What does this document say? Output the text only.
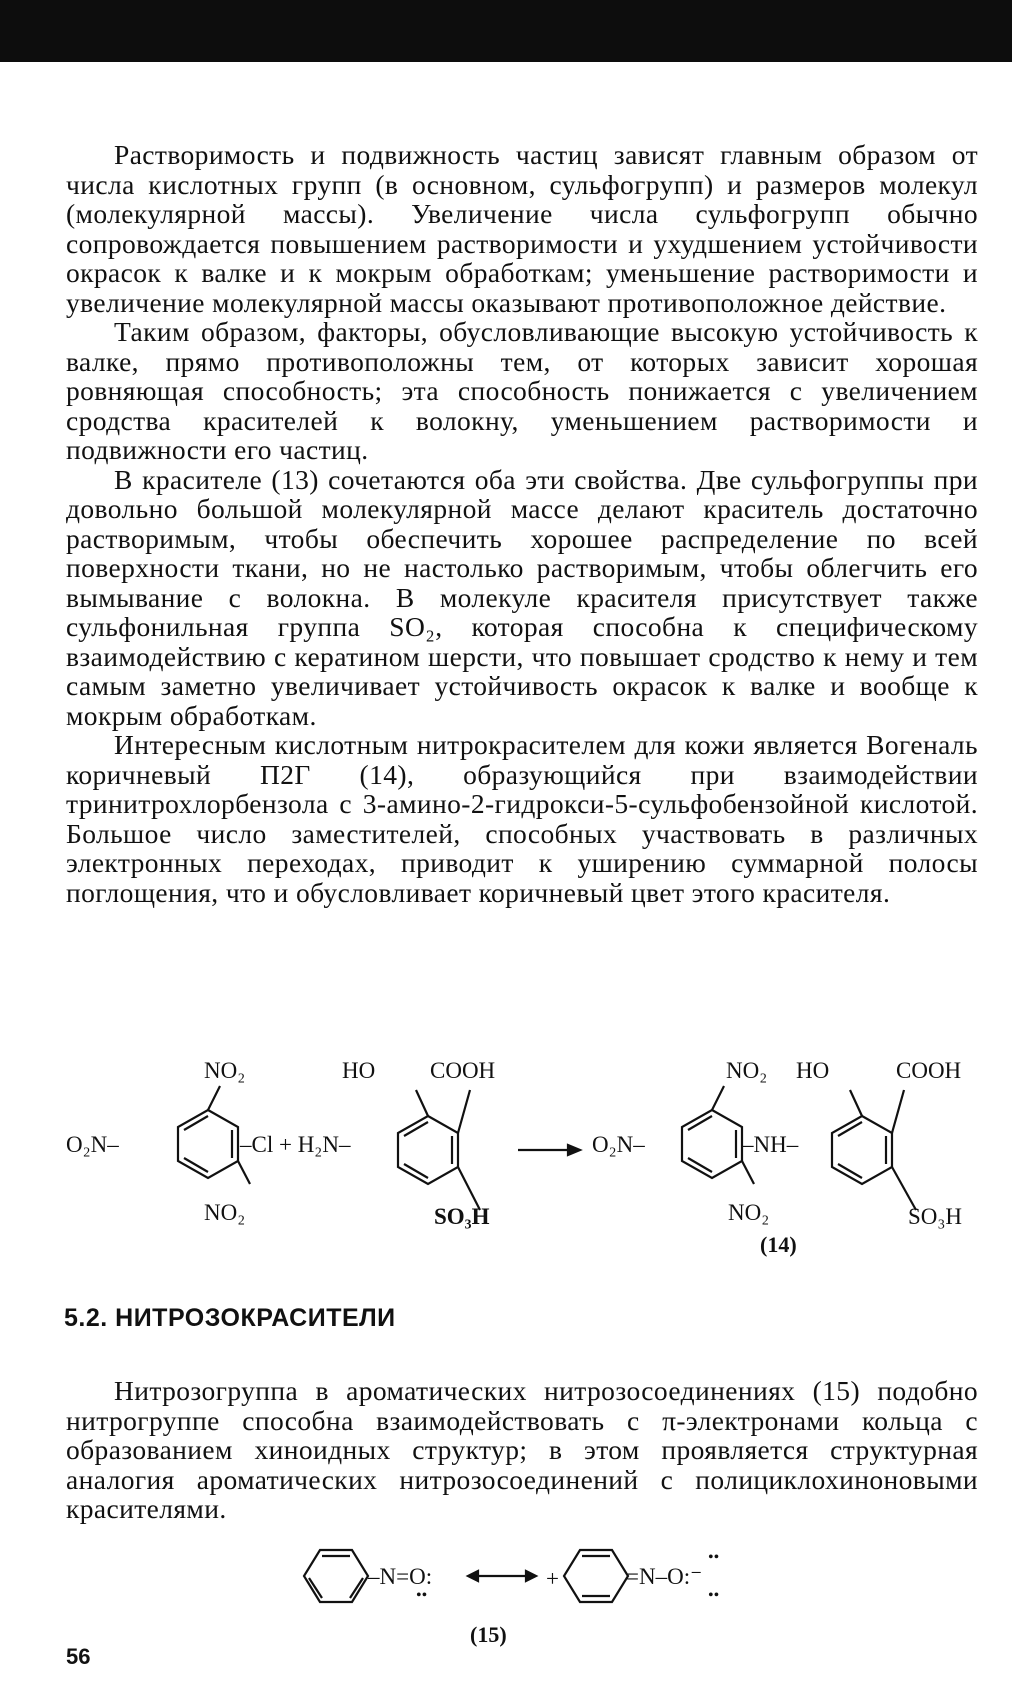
Растворимость и подвижность частиц зависят главным образом от числа кислотных групп (в основном, сульфогрупп) и размеров молекул (молекулярной массы). Увеличение числа сульфогрупп обычно сопровождается повышением растворимости и ухудшением устойчивости окрасок к валке и к мокрым обработкам; уменьшение растворимости и увеличение молекулярной массы оказывают противоположное действие.

Таким образом, факторы, обусловливающие высокую устойчивость к валке, прямо противоположны тем, от которых зависит хорошая ровняющая способность; эта способность понижается с увеличением сродства красителей к волокну, уменьшением растворимости и подвижности его частиц.

В красителе (13) сочетаются оба эти свойства. Две сульфогруппы при довольно большой молекулярной массе делают краситель достаточно растворимым, чтобы обеспечить хорошее распределение по всей поверхности ткани, но не настолько растворимым, чтобы облегчить его вымывание с волокна. В молекуле красителя присутствует также сульфонильная группа SO₂, которая способна к специфическому взаимодействию с кератином шерсти, что повышает сродство к нему и тем самым заметно увеличивает устойчивость окрасок к валке и вообще к мокрым обработкам.

Интересным кислотным нитрокрасителем для кожи является Вогеналь коричневый П2Г (14), образующийся при взаимодействии тринитрохлорбензола с 3-амино-2-гидрокси-5-сульфобензойной кислотой. Большое число заместителей, способных участвовать в различных электронных переходах, приводит к уширению суммарной полосы поглощения, что и обусловливает коричневый цвет этого красителя.

NO₂	HO COOH
O₂N–	–Cl + H₂N–
NO₂	SO₃H
O₂N–
NO₂ HO	COOH
–NH–
NO₂	SO₃H
(14)
5.2. НИТРОЗОКРАСИТЕЛИ

Нитрозогруппа в ароматических нитрозосоединениях (15) подобно нитрогруппе способна взаимодействовать с π-электронами кольца с образованием хиноидных структур; в этом проявляется структурная аналогия ароматических нитрозосоединений с полициклохиноновыми красителями.

–N=O:
••
+	=N–O:⁻
••
••
(15)
56
